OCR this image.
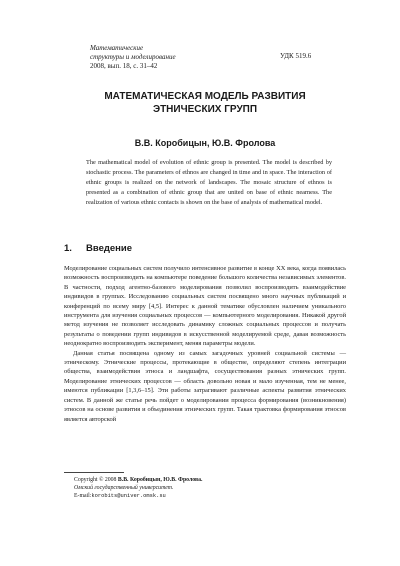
Математические
структуры и моделирование
2008, вып. 18, с. 31–42
УДК 519.6
МАТЕМАТИЧЕСКАЯ МОДЕЛЬ РАЗВИТИЯ
ЭТНИЧЕСКИХ ГРУПП
В.В. Коробицын, Ю.В. Фролова
The mathematical model of evolution of ethnic group is presented. The model is described by stochastic process. The parameters of ethnos are changed in time and in space. The interaction of ethnic groups is realized on the network of landscapes. The mosaic structure of ethnos is presented as a combination of ethnic group that are united on base of ethnic nearness. The realization of various ethnic contacts is shown on the base of analysis of mathematical model.
1. Введение

Моделирование социальных систем получило интенсивное развитие в конце XX века, когда появилась возможность воспроизводить на компьютере поведение большого количества независимых элементов. В частности, подход агентно-базового моделирования позволил воспроизводить взаимодействие индивидов в группах. Исследованию социальных систем посвящено много научных публикаций и конференций по всему миру [4,5]. Интерес к данной тематике обусловлен наличием уникального инструмента для изучения социальных процессов — компьютерного моделирования. Никакой другой метод изучения не позволяет исследовать динамику сложных социальных процессов и получать результаты о поведении групп индивидов в искусственной моделируемой среде, давая возможность неоднократно воспроизводить эксперимент, меняя параметры модели.

Данная статья посвящена одному из самых загадочных уровней социальной системы — этническому. Этнические процессы, протекающие в обществе, определяют степень интеграции общества, взаимодействия этноса и ландшафта, сосуществования разных этнических групп. Моделирование этнических процессов — область довольно новая и мало изученная, тем не менее, имеются публикации [1,3,6–15]. Эти работы затрагивают различные аспекты развития этнических систем. В данной же статье речь пойдет о моделировании процесса формирования (возникновения) этносов на основе развития и объединения этнических групп. Такая трактовка формирования этносов является авторской

Copyright © 2008 В.В. Коробицын, Ю.В. Фролова.
Омский государственный университет.
E-mail:korobits@univer.omsk.su
